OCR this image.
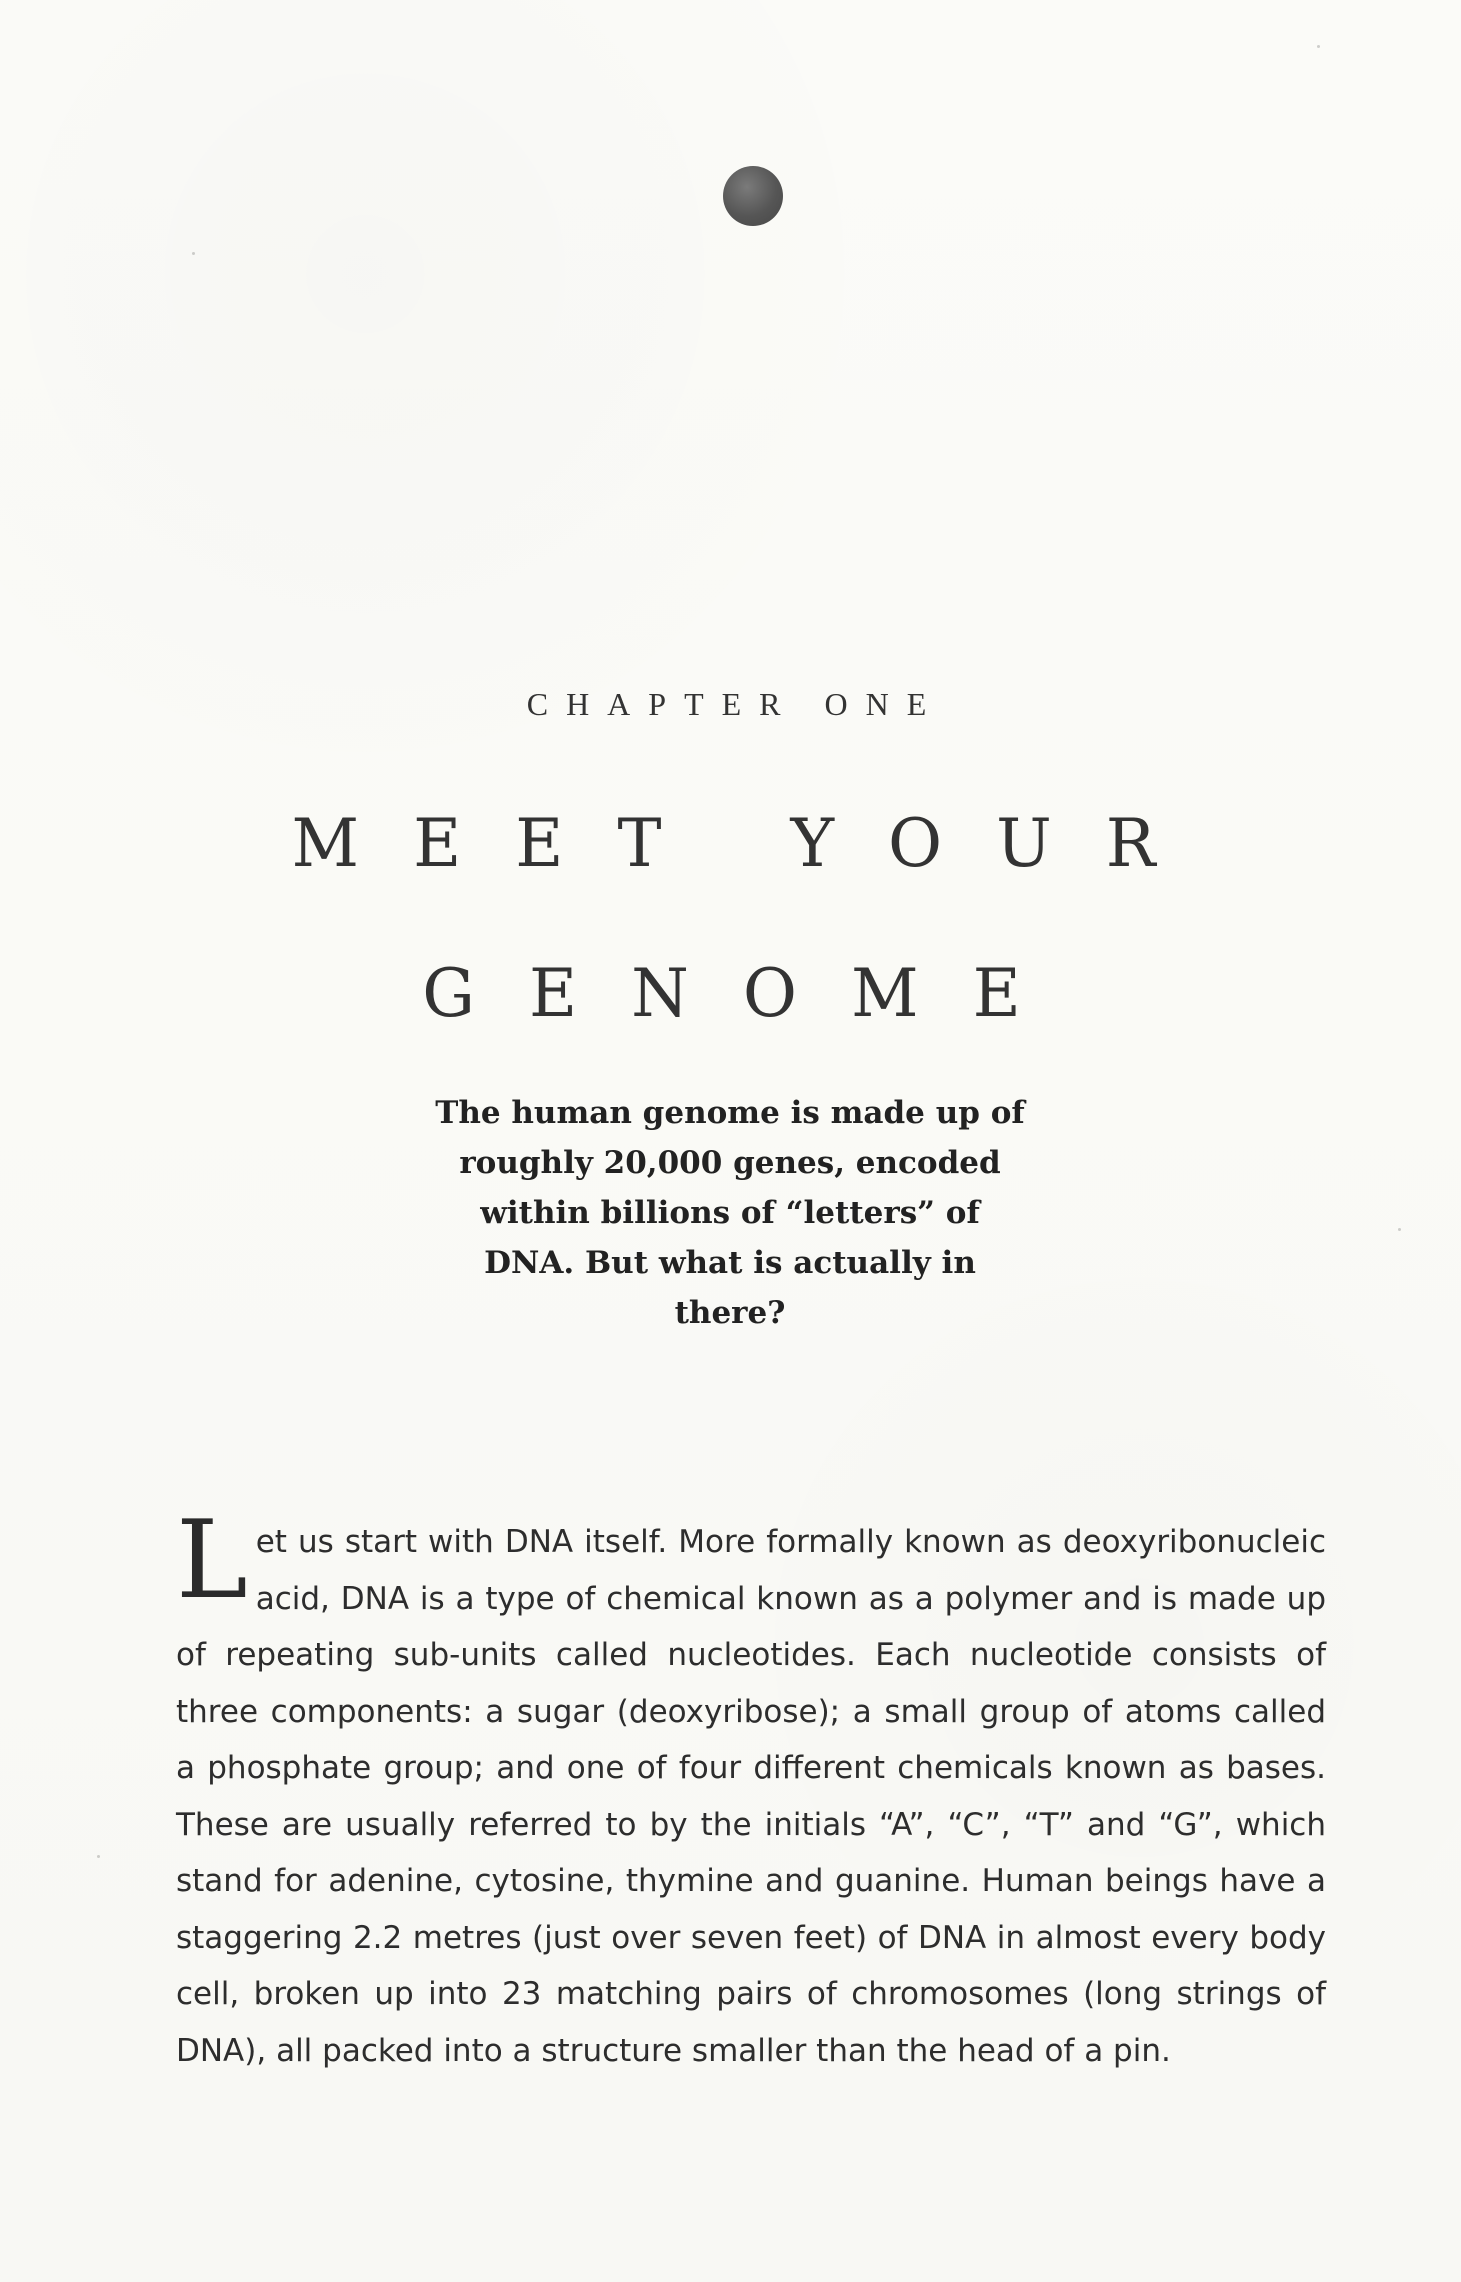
CHAPTER ONE
MEET YOUR
GENOME
The human genome is made up of roughly 20,000 genes, encoded within billions of “letters” of DNA. But what is actually in there?
Let us start with DNA itself. More formally known as deoxyribonucleic acid, DNA is a type of chemical known as a polymer and is made up of repeating sub-units called nucleotides. Each nucleotide consists of three components: a sugar (deoxyribose); a small group of atoms called a phosphate group; and one of four different chemicals known as bases. These are usually referred to by the initials “A”, “C”, “T” and “G”, which stand for adenine, cytosine, thymine and guanine. Human beings have a staggering 2.2 metres (just over seven feet) of DNA in almost every body cell, broken up into 23 matching pairs of chromosomes (long strings of DNA), all packed into a structure smaller than the head of a pin.
